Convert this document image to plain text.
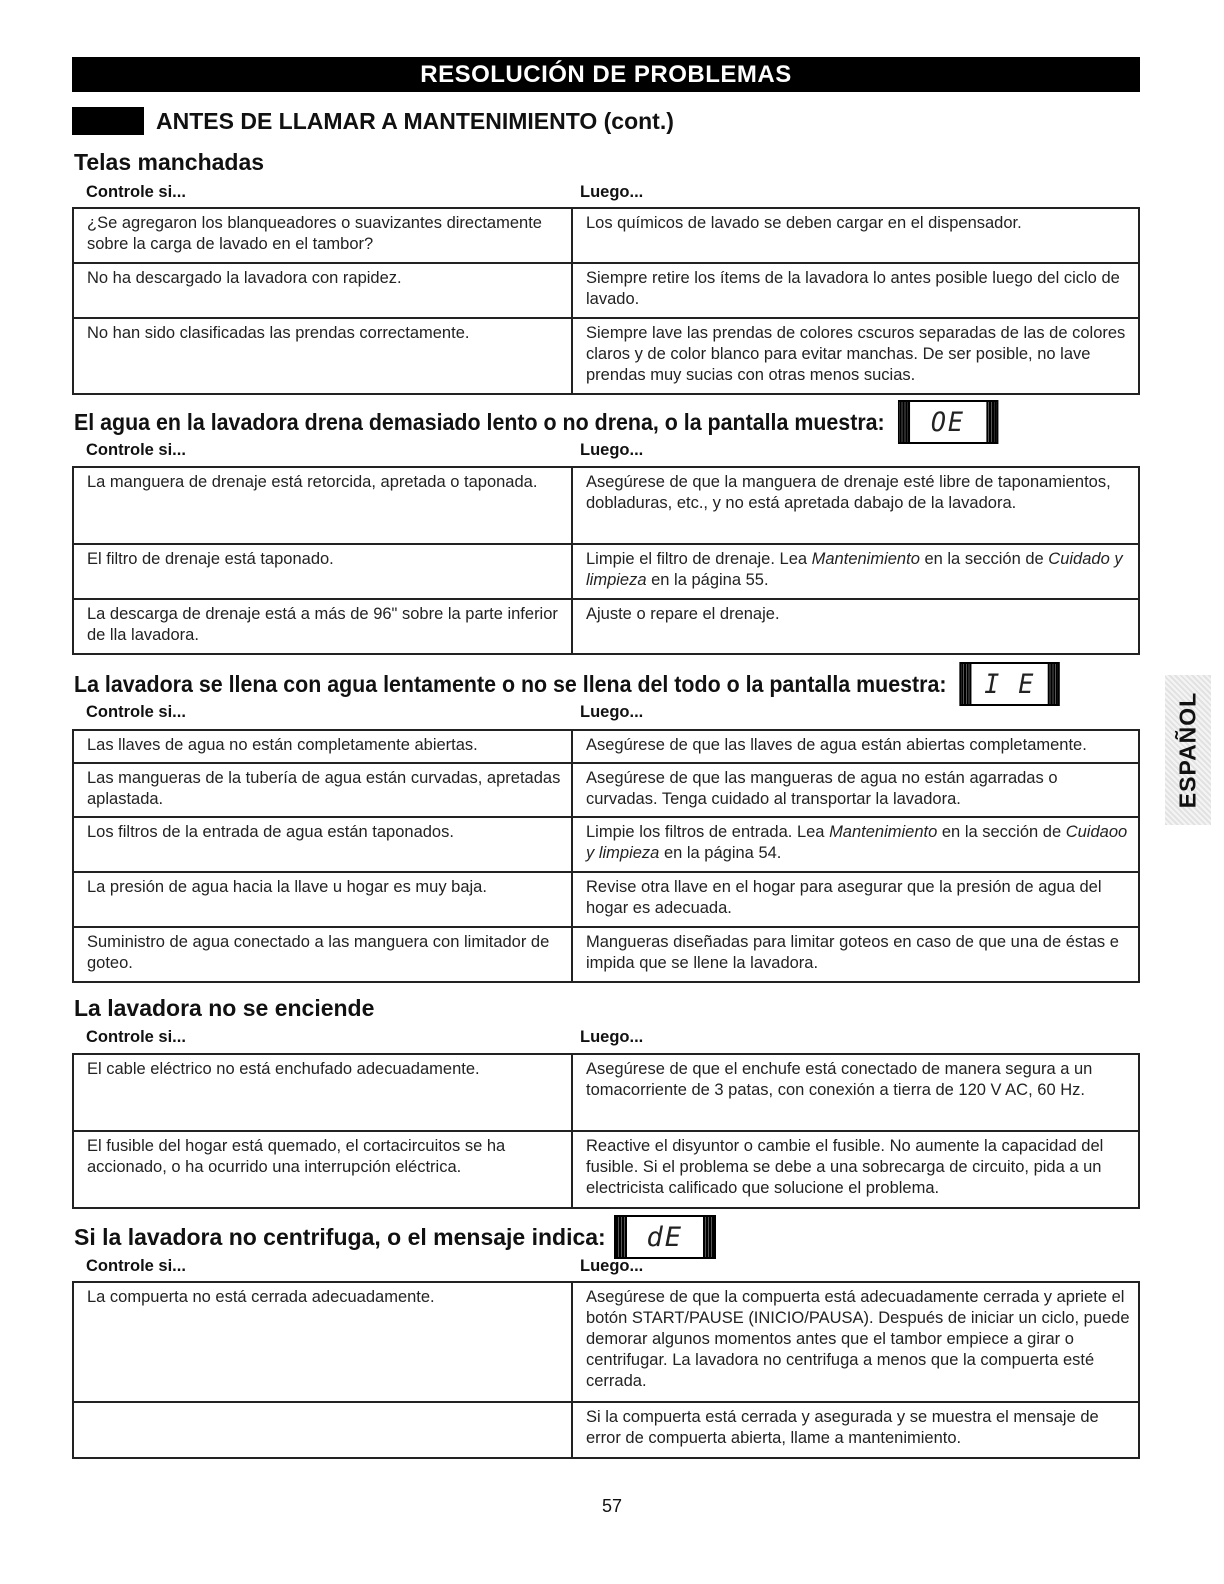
RESOLUCIÓN DE PROBLEMAS
ANTES DE LLAMAR A MANTENIMIENTO (cont.)
Telas manchadas
Controle si...	Luego...
¿Se agregaron los blanqueadores o suavizantes directamente sobre la carga de lavado en el tambor?	Los químicos de lavado se deben cargar en el dispensador.
No ha descargado la lavadora con rapidez.	Siempre retire los ítems de la lavadora lo antes posible luego del ciclo de lavado.
No han sido clasificadas las prendas correctamente.	Siempre lave las prendas de colores cscuros separadas de las de colores claros y de color blanco para evitar manchas. De ser posible, no lave prendas muy sucias con otras menos sucias.
El agua en la lavadora drena demasiado lento o no drena, o la pantalla muestra:	OE
Controle si...	Luego...
La manguera de drenaje está retorcida, apretada o taponada.	Asegúrese de que la manguera de drenaje esté libre de taponamientos, dobladuras, etc., y no está apretada dabajo de la lavadora.
El filtro de drenaje está taponado.	Limpie el filtro de drenaje. Lea Mantenimiento en la sección de Cuidado y limpieza en la página 55.
La descarga de drenaje está a más de 96" sobre la parte inferior de lla lavadora.	Ajuste o repare el drenaje.
La lavadora se llena con agua lentamente o no se llena del todo o la pantalla muestra:	I E
Controle si...	Luego...
Las llaves de agua no están completamente abiertas.	Asegúrese de que las llaves de agua están abiertas completamente.
Las mangueras de la tubería de agua están curvadas, apretadas aplastada.	Asegúrese de que las mangueras de agua no están agarradas o curvadas. Tenga cuidado al transportar la lavadora.
Los filtros de la entrada de agua están taponados.	Limpie los filtros de entrada. Lea Mantenimiento en la sección de Cuidaoo y limpieza en la página 54.
La presión de agua hacia la llave u hogar es muy baja.	Revise otra llave en el hogar para asegurar que la presión de agua del hogar es adecuada.
Suministro de agua conectado a las manguera con limitador de goteo.	Mangueras diseñadas para limitar goteos en caso de que una de éstas e impida que se llene la lavadora.
La lavadora no se enciende
Controle si...	Luego...
El cable eléctrico no está enchufado adecuadamente.	Asegúrese de que el enchufe está conectado de manera segura a un tomacorriente de 3 patas, con conexión a tierra de 120 V AC, 60 Hz.
El fusible del hogar está quemado, el cortacircuitos se ha accionado, o ha ocurrido una interrupción eléctrica.	Reactive el disyuntor o cambie el fusible. No aumente la capacidad del fusible. Si el problema se debe a una sobrecarga de circuito, pida a un electricista calificado que solucione el problema.
Si la lavadora no centrifuga, o el mensaje indica:	dE
Controle si...	Luego...
La compuerta no está cerrada adecuadamente.	Asegúrese de que la compuerta está adecuadamente cerrada y apriete el botón START/PAUSE (INICIO/PAUSA). Después de iniciar un ciclo, puede demorar algunos momentos antes que el tambor empiece a girar o centrifugar. La lavadora no centrifuga a menos que la compuerta esté cerrada.
	Si la compuerta está cerrada y asegurada y se muestra el mensaje de error de compuerta abierta, llame a mantenimiento.
ESPAÑOL
57
